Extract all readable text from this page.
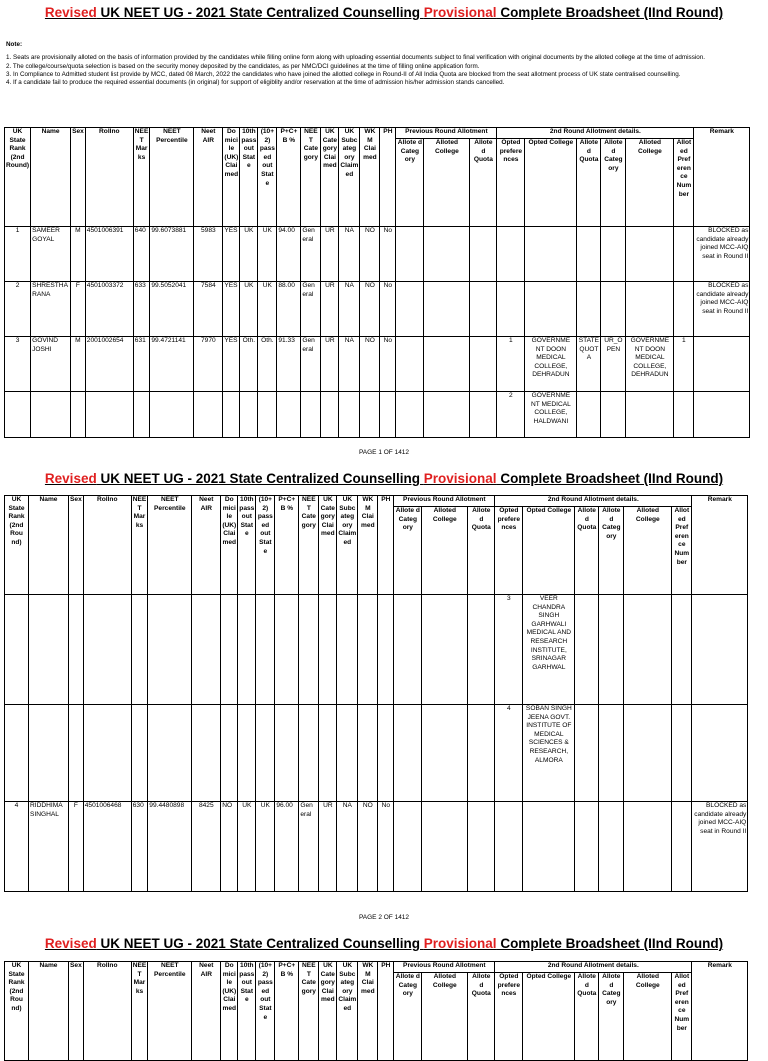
Revised UK NEET UG - 2021 State Centralized Counselling Provisional Complete Broadsheet (IInd Round)

Note:

1. Seats are provisionally alloted on the basis of information provided by the candidates while filling online form along with uploading essential documents subject to final verification with original documents by the alloted college at the time of admission.

2. The college/course/quota selection is based on the security money deposited by the candidates, as per NMC/DCI guidelines at the time of filling online application form.

3. In Compliance to Admitted student list provide by MCC, dated 08 March, 2022 the candidates who have joined the allotted college in Round-II of All India Quota are blocked from the seat allotment process of UK state centralised counselling.

4. If a candidate fail to produce the required essential documents (in original) for support of eligiblity and/or reservation at the time of admission his/her admission stands cancelled.

UK State Rank (2nd Round)	Name	Sex	Rollno	NEE T Mar ks	NEET Percentile	Neet AIR	Do mici le (UK) Clai med	10th pass out Stat e	(10+ 2) pass ed out Stat e	P+C+ B %	NEE T Cate gory	UK Cate gory Clai med	UK Subc ateg ory Claim ed	WK M Clai med	PH	Previous Round Allotment			2nd Round Allotment details.						Remark
																Allote d Categ ory	Alloted College	Allote d Quota	Opted prefere nces	Opted College	Allote d Quota	Allote d Categ ory	Alloted College	Allot ed Pref eren ce Num ber	
1	SAMEER GOYAL	M	4501006391	640	99.6073881	5983	YES	UK	UK	94.00	Gen eral	UR	NA	NO	No										BLOCKED as candidate already joined MCC-AIQ seat in Round II
2	SHRESTHA RANA	F	4501003372	633	99.5052041	7584	YES	UK	UK	88.00	Gen eral	UR	NA	NO	No										BLOCKED as candidate already joined MCC-AIQ seat in Round II
3	GOVIND JOSHI	M	2001002654	631	99.4721141	7970	YES	Oth.	Oth.	91.33	Gen eral	UR	NA	NO	No				1	GOVERNME NT DOON MEDICAL COLLEGE, DEHRADUN	STATE QUOT A	UR_O PEN	GOVERNME NT DOON MEDICAL COLLEGE, DEHRADUN	1	
																			2	GOVERNME NT MEDICAL COLLEGE, HALDWANI					
PAGE 1 OF 1412
Revised UK NEET UG - 2021 State Centralized Counselling Provisional Complete Broadsheet (IInd Round)
UK State Rank (2nd Rou nd)	Name	Sex	Rollno	NEE T Mar ks	NEET Percentile	Neet AIR	Do mici le (UK) Clai med	10th pass out Stat e	(10+ 2) pass ed out Stat e	P+C+ B %	NEE T Cate gory	UK Cate gory Clai med	UK Subc ateg ory Claim ed	WK M Clai med	PH	Previous Round Allotment			2nd Round Allotment details.						Remark
																Allote d Categ ory	Alloted College	Allote d Quota	Opted prefere nces	Opted College	Allote d Quota	Allote d Categ ory	Alloted College	Allot ed Pref eren ce Num ber	
																			3	VEER CHANDRA SINGH GARHWALI MEDICAL AND RESEARCH INSTITUTE, SRINAGAR GARHWAL					
																			4	SOBAN SINGH JEENA GOVT. INSTITUTE OF MEDICAL SCIENCES & RESEARCH, ALMORA					
4	RIDDHIMA SINGHAL	F	4501006468	630	99.4480898	8425	NO	UK	UK	96.00	Gen eral	UR	NA	NO	No										BLOCKED as candidate already joined MCC-AIQ seat in Round II
PAGE 2 OF 1412
Revised UK NEET UG - 2021 State Centralized Counselling Provisional Complete Broadsheet (IInd Round)
UK State Rank (2nd Rou nd)	Name	Sex	Rollno	NEE T Mar ks	NEET Percentile	Neet AIR	Do mici le (UK) Clai med	10th pass out Stat e	(10+ 2) pass ed out Stat e	P+C+ B %	NEE T Cate gory	UK Cate gory Clai med	UK Subc ateg ory Claim ed	WK M Clai med	PH	Previous Round Allotment			2nd Round Allotment details.						Remark
																Allote d Categ ory	Alloted College	Allote d Quota	Opted prefere nces	Opted College	Allote d Quota	Allote d Categ ory	Alloted College	Allot ed Pref eren ce Num ber	
